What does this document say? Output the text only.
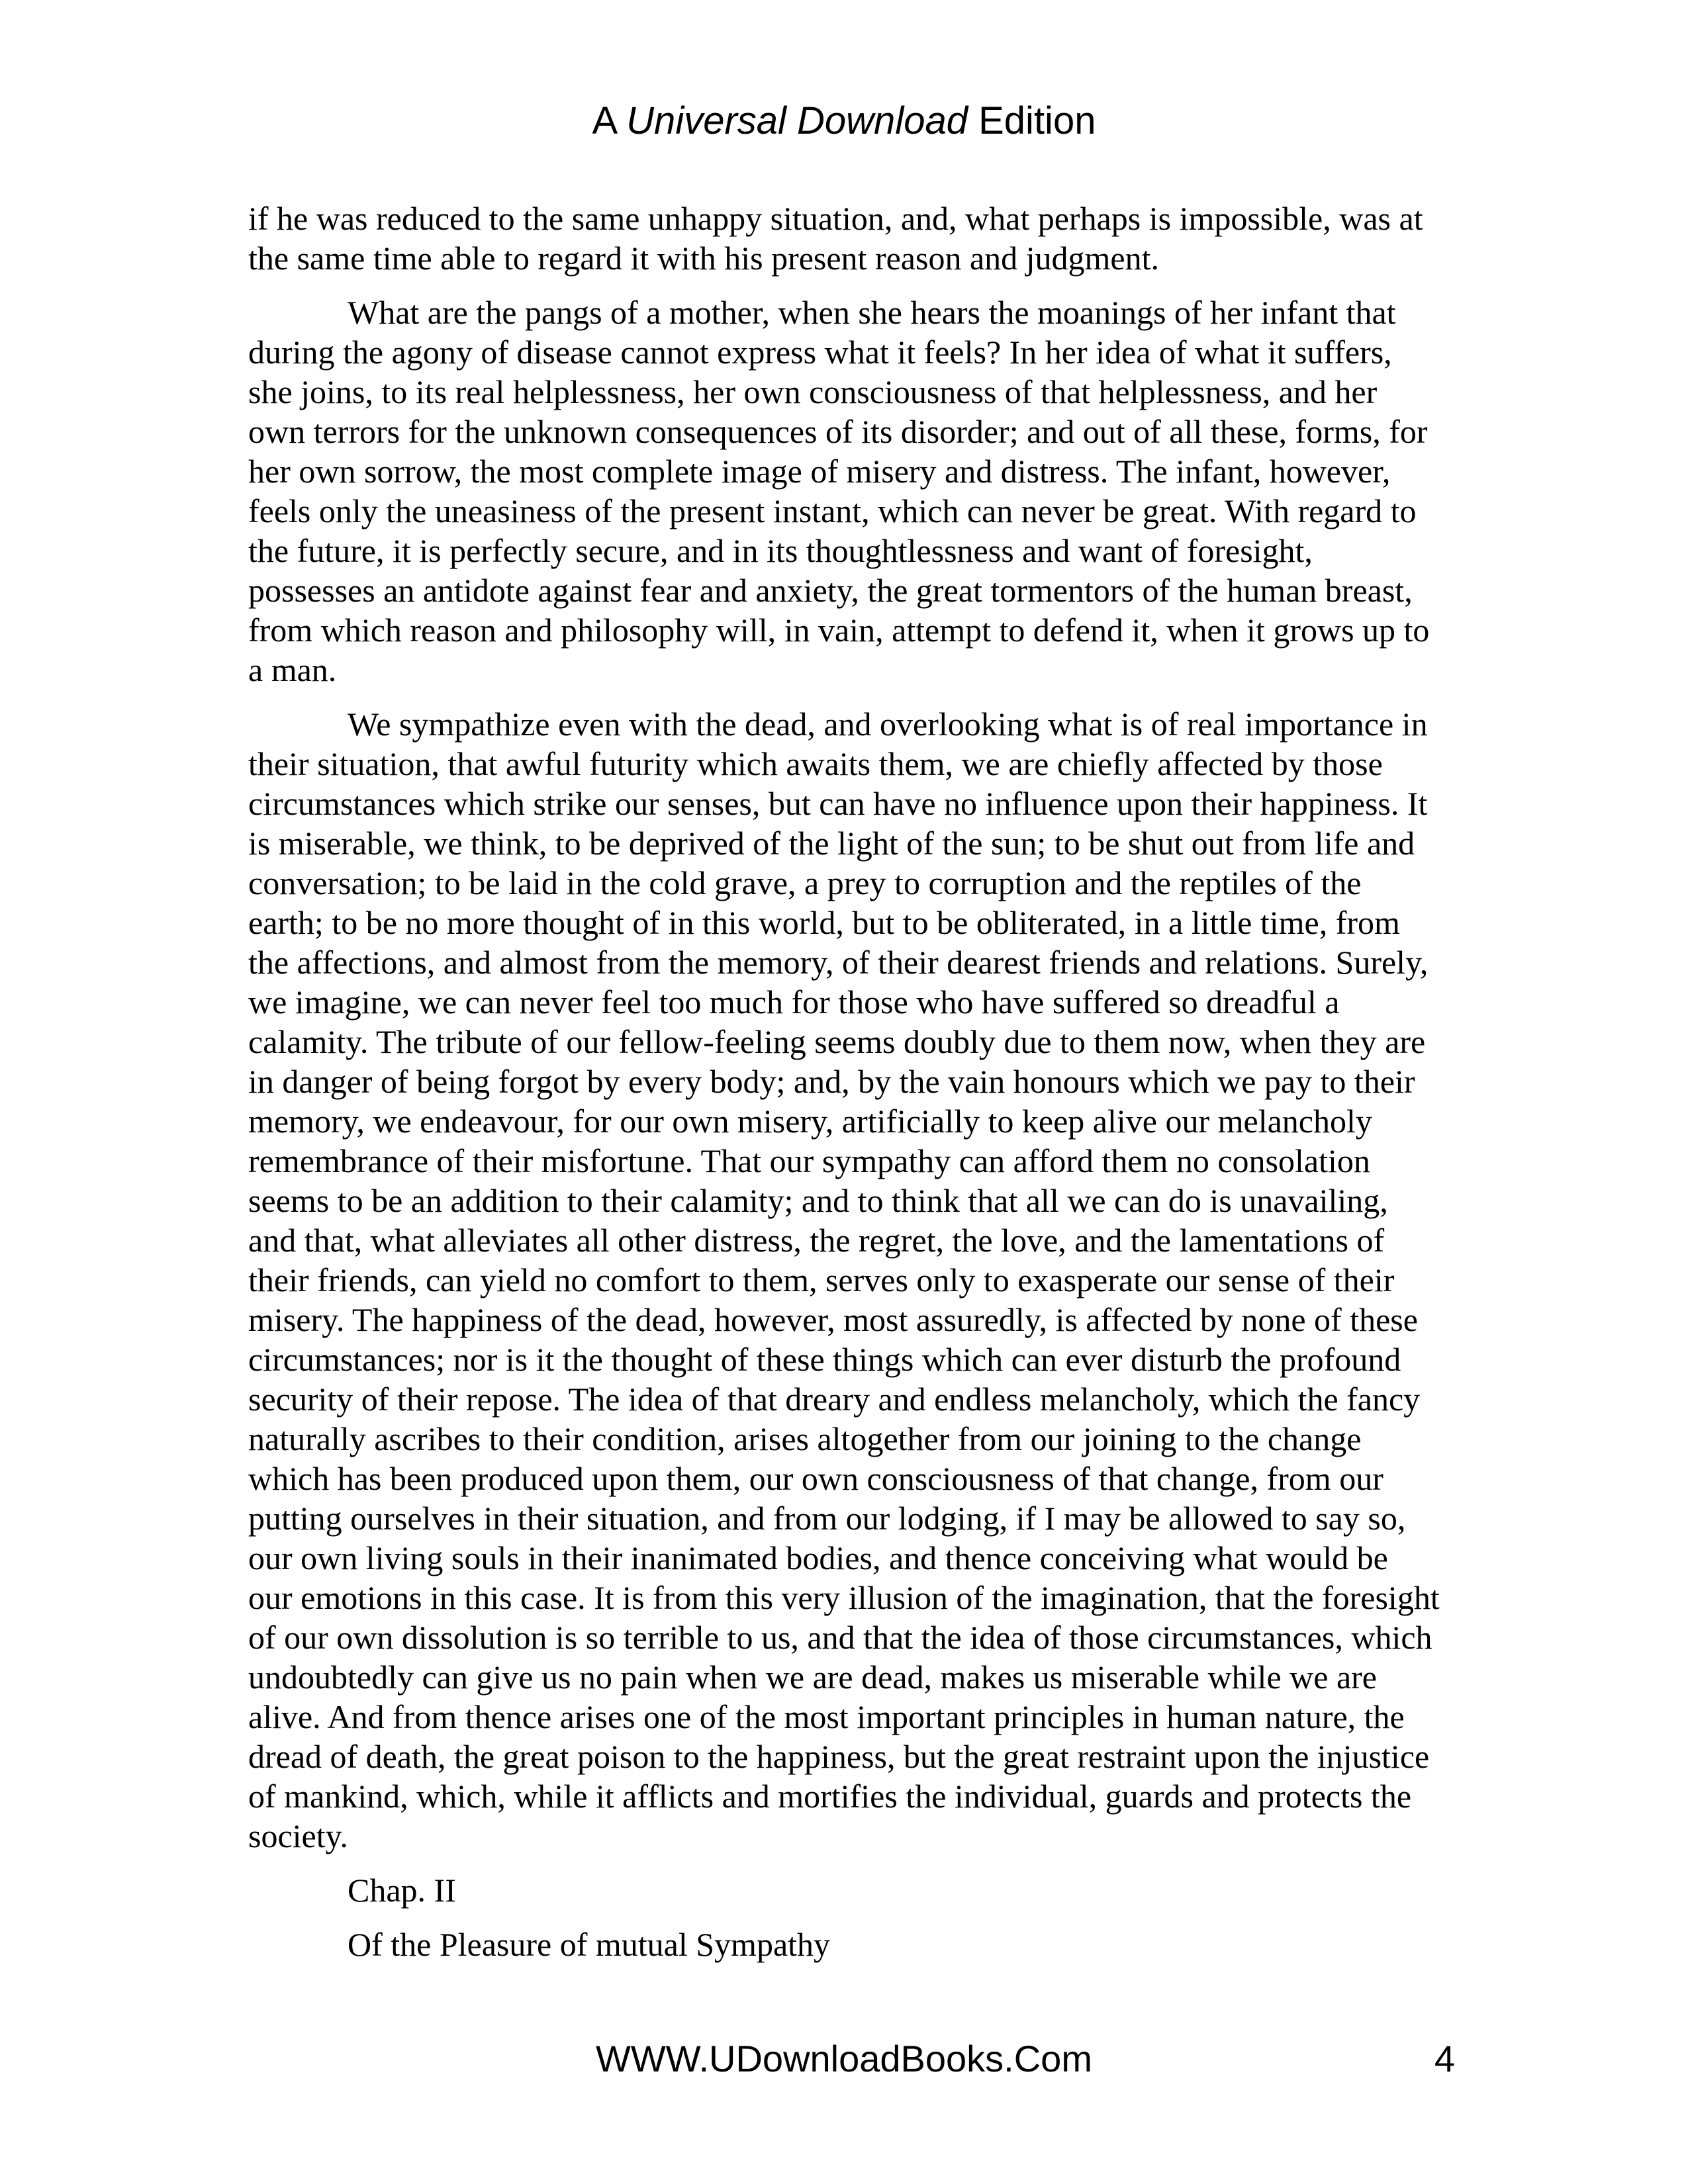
A Universal Download Edition

if he was reduced to the same unhappy situation, and, what perhaps is impossible, was at the same time able to regard it with his present reason and judgment.

What are the pangs of a mother, when she hears the moanings of her infant that during the agony of disease cannot express what it feels? In her idea of what it suffers, she joins, to its real helplessness, her own consciousness of that helplessness, and her own terrors for the unknown consequences of its disorder; and out of all these, forms, for her own sorrow, the most complete image of misery and distress. The infant, however, feels only the uneasiness of the present instant, which can never be great. With regard to the future, it is perfectly secure, and in its thoughtlessness and want of foresight, possesses an antidote against fear and anxiety, the great tormentors of the human breast, from which reason and philosophy will, in vain, attempt to defend it, when it grows up to a man.

We sympathize even with the dead, and overlooking what is of real importance in their situation, that awful futurity which awaits them, we are chiefly affected by those circumstances which strike our senses, but can have no influence upon their happiness. It is miserable, we think, to be deprived of the light of the sun; to be shut out from life and conversation; to be laid in the cold grave, a prey to corruption and the reptiles of the earth; to be no more thought of in this world, but to be obliterated, in a little time, from the affections, and almost from the memory, of their dearest friends and relations. Surely, we imagine, we can never feel too much for those who have suffered so dreadful a calamity. The tribute of our fellow-feeling seems doubly due to them now, when they are in danger of being forgot by every body; and, by the vain honours which we pay to their memory, we endeavour, for our own misery, artificially to keep alive our melancholy remembrance of their misfortune. That our sympathy can afford them no consolation seems to be an addition to their calamity; and to think that all we can do is unavailing, and that, what alleviates all other distress, the regret, the love, and the lamentations of their friends, can yield no comfort to them, serves only to exasperate our sense of their misery. The happiness of the dead, however, most assuredly, is affected by none of these circumstances; nor is it the thought of these things which can ever disturb the profound security of their repose. The idea of that dreary and endless melancholy, which the fancy naturally ascribes to their condition, arises altogether from our joining to the change which has been produced upon them, our own consciousness of that change, from our putting ourselves in their situation, and from our lodging, if I may be allowed to say so, our own living souls in their inanimated bodies, and thence conceiving what would be our emotions in this case. It is from this very illusion of the imagination, that the foresight of our own dissolution is so terrible to us, and that the idea of those circumstances, which undoubtedly can give us no pain when we are dead, makes us miserable while we are alive. And from thence arises one of the most important principles in human nature, the dread of death, the great poison to the happiness, but the great restraint upon the injustice of mankind, which, while it afflicts and mortifies the individual, guards and protects the society.

Chap. II

Of the Pleasure of mutual Sympathy

WWW.UDownloadBooks.Com	4
